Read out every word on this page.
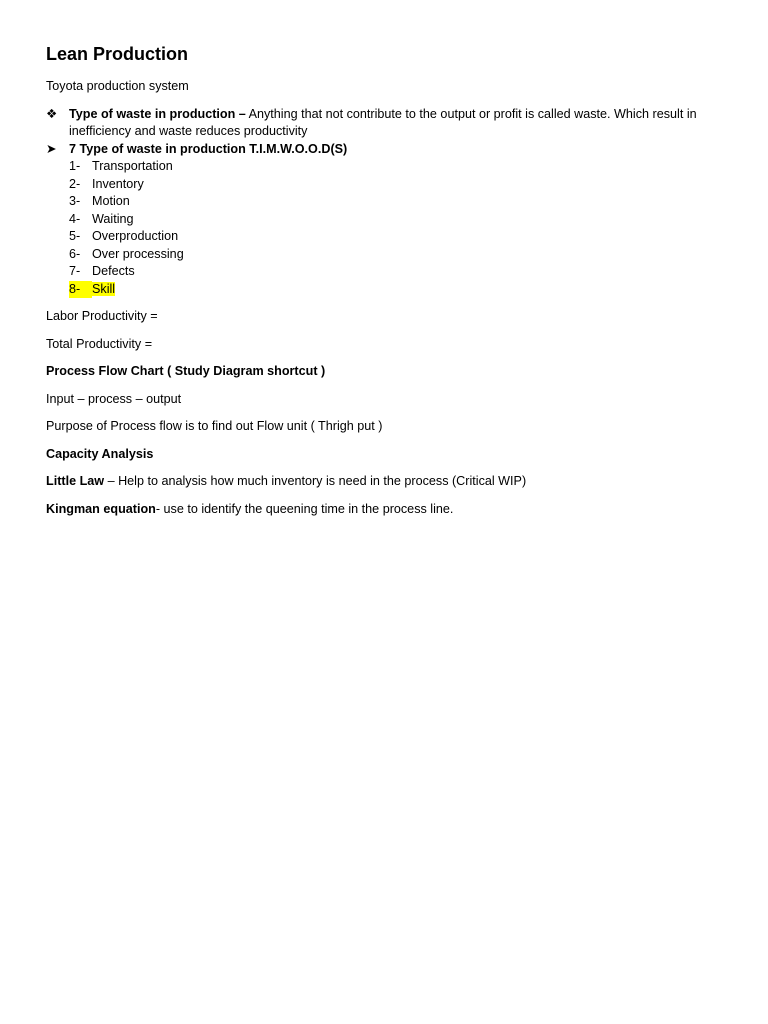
Lean Production
Toyota production system
❖ Type of waste in production – Anything that not contribute to the output or profit is called waste. Which result in inefficiency and waste reduces productivity
➤ 7 Type of waste in production T.I.M.W.O.O.D(S)
1- Transportation
2- Inventory
3- Motion
4- Waiting
5- Overproduction
6- Over processing
7- Defects
8- Skill
Labor Productivity =
Total Productivity =
Process Flow Chart ( Study Diagram shortcut )
Input – process – output
Purpose of Process flow is to find out Flow unit ( Thrigh put )
Capacity Analysis
Little Law – Help to analysis how much inventory is need in the process (Critical WIP)
Kingman equation- use to identify the queening time in the process line.
